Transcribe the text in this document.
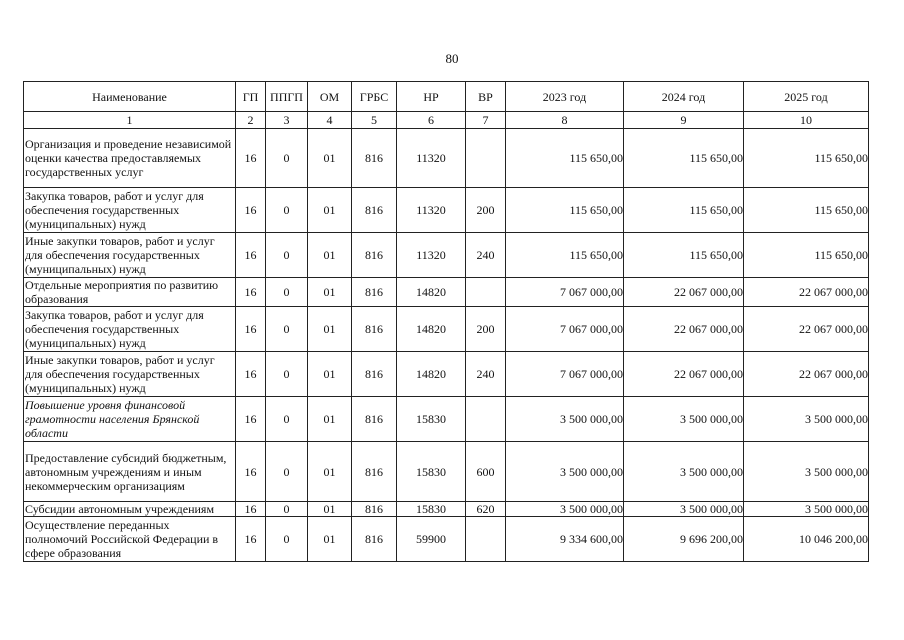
80
Наименование	ГП	ППГП	ОМ	ГРБС	НР	ВР	2023 год	2024 год	2025 год
1	2	3	4	5	6	7	8	9	10
Организация и проведение независимой оценки качества предоставляемых государственных услуг	16	0	01	816	11320		115 650,00	115 650,00	115 650,00
Закупка товаров, работ и услуг для обеспечения государственных (муниципальных) нужд	16	0	01	816	11320	200	115 650,00	115 650,00	115 650,00
Иные закупки товаров, работ и услуг для обеспечения государственных (муниципальных) нужд	16	0	01	816	11320	240	115 650,00	115 650,00	115 650,00
Отдельные мероприятия по развитию образования	16	0	01	816	14820		7 067 000,00	22 067 000,00	22 067 000,00
Закупка товаров, работ и услуг для обеспечения государственных (муниципальных) нужд	16	0	01	816	14820	200	7 067 000,00	22 067 000,00	22 067 000,00
Иные закупки товаров, работ и услуг для обеспечения государственных (муниципальных) нужд	16	0	01	816	14820	240	7 067 000,00	22 067 000,00	22 067 000,00
Повышение уровня финансовой грамотности населения Брянской области	16	0	01	816	15830		3 500 000,00	3 500 000,00	3 500 000,00
Предоставление субсидий бюджетным, автономным учреждениям и иным некоммерческим организациям	16	0	01	816	15830	600	3 500 000,00	3 500 000,00	3 500 000,00
Субсидии автономным учреждениям	16	0	01	816	15830	620	3 500 000,00	3 500 000,00	3 500 000,00
Осуществление переданных полномочий Российской Федерации в сфере образования	16	0	01	816	59900		9 334 600,00	9 696 200,00	10 046 200,00
